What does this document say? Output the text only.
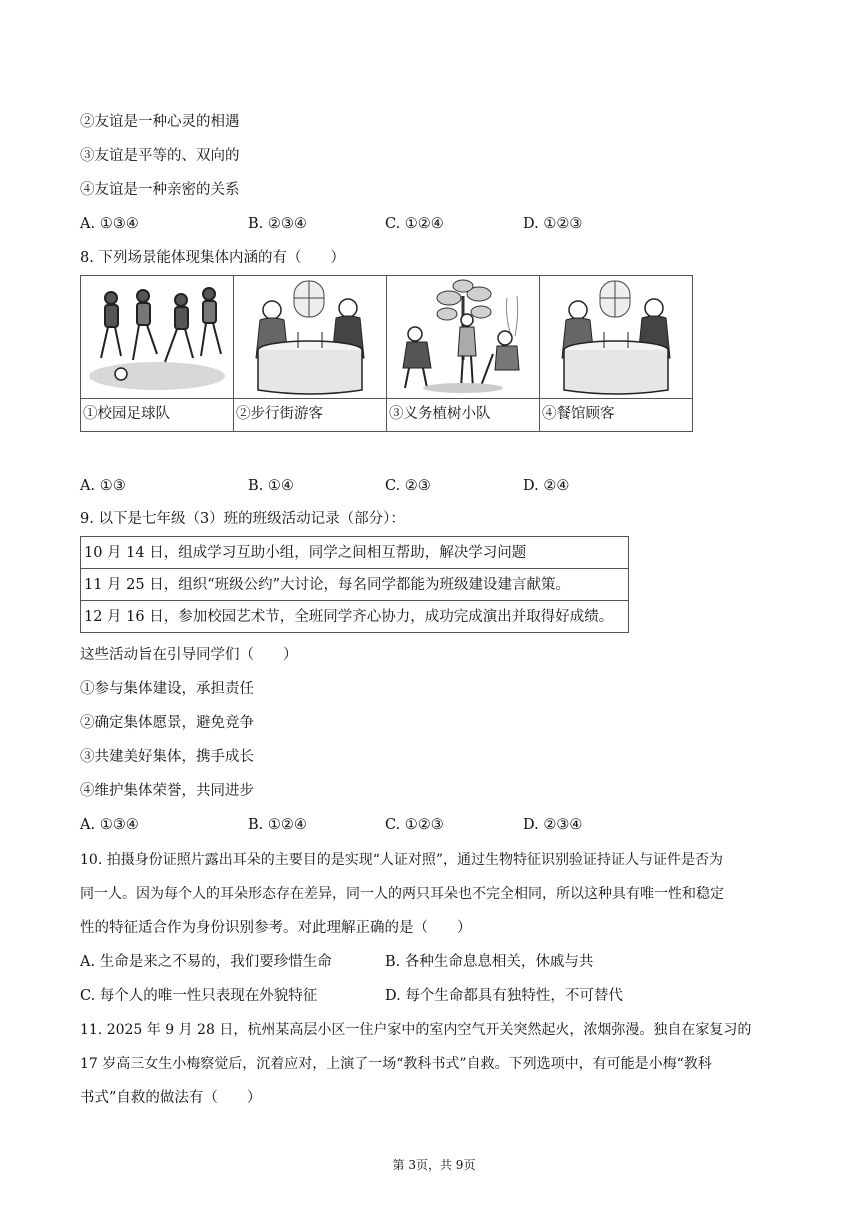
②友谊是一种心灵的相遇
③友谊是平等的、双向的
④友谊是一种亲密的关系
A. ①③④	B. ②③④	C. ①②④	D. ①②③
8. 下列场景能体现集体内涵的有（　　）

①校园足球队	②步行街游客	③义务植树小队	④餐馆顾客
A. ①③	B. ①④	C. ②③	D. ②④
9. 以下是七年级（3）班的班级活动记录（部分）：
10 月 14 日，组成学习互助小组，同学之间相互帮助，解决学习问题
11 月 25 日，组织“班级公约”大讨论，每名同学都能为班级建设建言献策。
12 月 16 日，参加校园艺术节，全班同学齐心协力，成功完成演出并取得好成绩。
这些活动旨在引导同学们（　　）
①参与集体建设，承担责任
②确定集体愿景，避免竞争
③共建美好集体，携手成长
④维护集体荣誉，共同进步
A. ①③④	B. ①②④	C. ①②③	D. ②③④
10. 拍摄身份证照片露出耳朵的主要目的是实现“人证对照”，通过生物特征识别验证持证人与证件是否为
同一人。因为每个人的耳朵形态存在差异，同一人的两只耳朵也不完全相同，所以这种具有唯一性和稳定
性的特征适合作为身份识别参考。对此理解正确的是（　　）
A. 生命是来之不易的，我们要珍惜生命	B. 各种生命息息相关，休戚与共
C. 每个人的唯一性只表现在外貌特征	D. 每个生命都具有独特性，不可替代
11. 2025 年 9 月 28 日，杭州某高层小区一住户家中的室内空气开关突然起火，浓烟弥漫。独自在家复习的
17 岁高三女生小梅察觉后，沉着应对，上演了一场“教科书式”自救。下列选项中，有可能是小梅“教科
书式”自救的做法有（　　）
第 3页，共 9页
